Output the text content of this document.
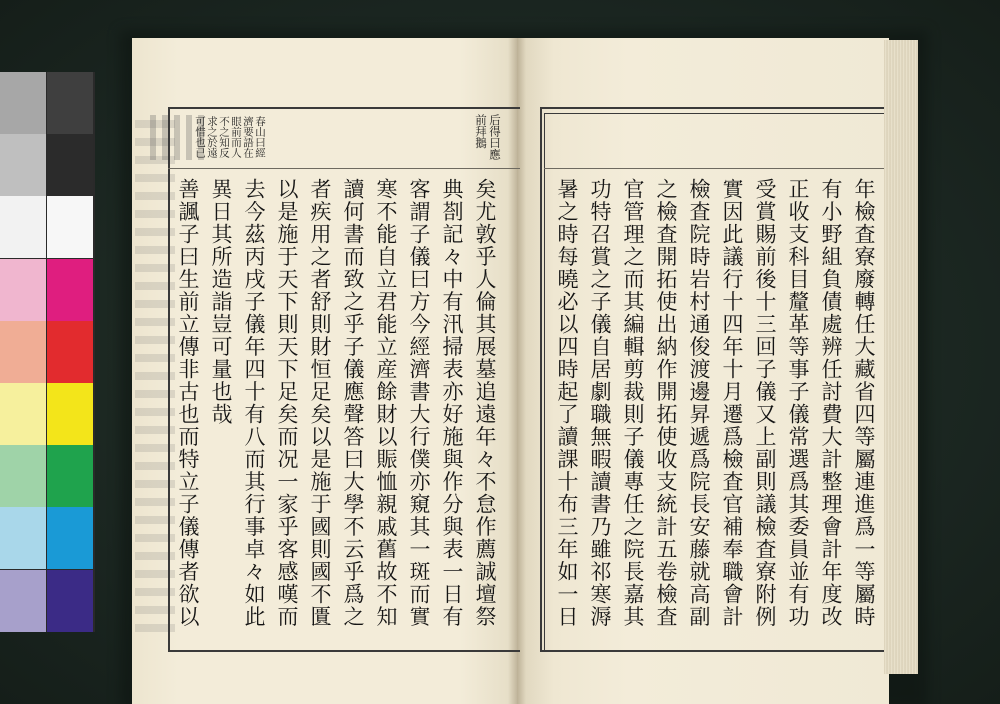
后得曰應
前拜鵝
春山曰經
濟要語在
眼前而人
不之知反
求之於遠
可惜也已
矣尤敦乎人倫其展墓追遠年々不怠作薦誠壇祭
典剳記々中有汛掃表亦好施與作分與表一日有
客謂子儀曰方今經濟書大行僕亦窺其一斑而實
寒不能自立君能立産餘財以賑恤親戚舊故不知
讀何書而致之乎子儀應聲答曰大學不云乎爲之
者疾用之者舒則財恒足矣以是施于國則國不匱
以是施于天下則天下足矣而况一家乎客感嘆而
去今茲丙戌子儀年四十有八而其行事卓々如此
異日其所造詣豈可量也哉
善諷子曰生前立傳非古也而特立子儀傳者欲以	年檢査寮廢轉任大藏省四等屬連進爲一等屬時
有小野組負債處辨任討費大計整理會計年度改
正收支科目釐革等事子儀常選爲其委員並有功
受賞賜前後十三回子儀又上副則議檢査寮附例
實因此議行十四年十月遷爲檢査官補奉職會計
檢査院時岩村通俊渡邊昇遞爲院長安藤就高副
之檢査開拓使出納作開拓使收支統計五卷檢査
官管理之而其編輯剪裁則子儀專任之院長嘉其
功特召賞之子儀自居劇職無暇讀書乃雖祁寒溽
暑之時每曉必以四時起了讀課十布三年如一日
